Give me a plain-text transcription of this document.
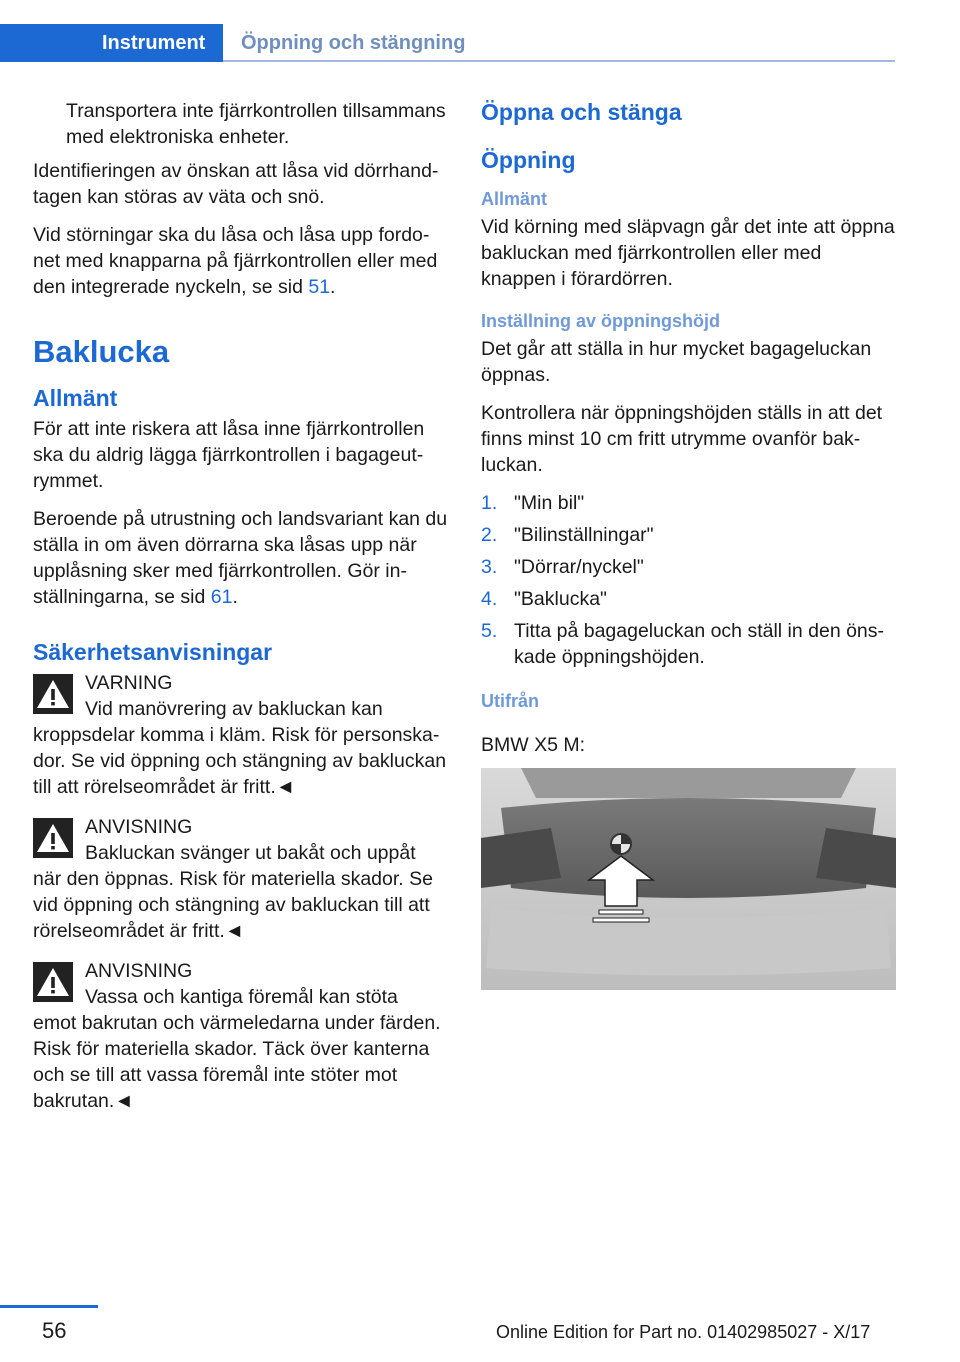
Instrument	Öppning och stängning

Transportera inte fjärrkontrollen tillsammans med elektroniska enheter.

Identifieringen av önskan att låsa vid dörrhandtagen kan störas av väta och snö.

Vid störningar ska du låsa och låsa upp fordonet med knapparna på fjärrkontrollen eller med den integrerade nyckeln, se sid 51.

Baklucka
Allmänt

För att inte riskera att låsa inne fjärrkontrollen ska du aldrig lägga fjärrkontrollen i bagageutrymmet.

Beroende på utrustning och landsvariant kan du ställa in om även dörrarna ska låsas upp när upplåsning sker med fjärrkontrollen. Gör inställningarna, se sid 61.

Säkerhetsanvisningar
VARNING
Vid manövrering av bakluckan kan
kroppsdelar komma i kläm. Risk för personskador. Se vid öppning och stängning av bakluckan till att rörelseområdet är fritt.◄
ANVISNING
Bakluckan svänger ut bakåt och uppåt
när den öppnas. Risk för materiella skador. Se vid öppning och stängning av bakluckan till att rörelseområdet är fritt.◄
ANVISNING
Vassa och kantiga föremål kan stöta
emot bakrutan och värmeledarna under färden. Risk för materiella skador. Täck över kanterna och se till att vassa föremål inte stöter mot bakrutan.◄
Öppna och stänga
Öppning
Allmänt

Vid körning med släpvagn går det inte att öppna bakluckan med fjärrkontrollen eller med knappen i förardörren.

Inställning av öppningshöjd

Det går att ställa in hur mycket bagageluckan öppnas.

Kontrollera när öppningshöjden ställs in att det finns minst 10 cm fritt utrymme ovanför bakluckan.

1. "Min bil"
2. "Bilinställningar"
3. "Dörrar/nyckel"
4. "Baklucka"
5. Titta på bagageluckan och ställ in den önskade öppningshöjden.
Utifrån

BMW X5 M:

56	Online Edition for Part no. 01402985027 - X/17
